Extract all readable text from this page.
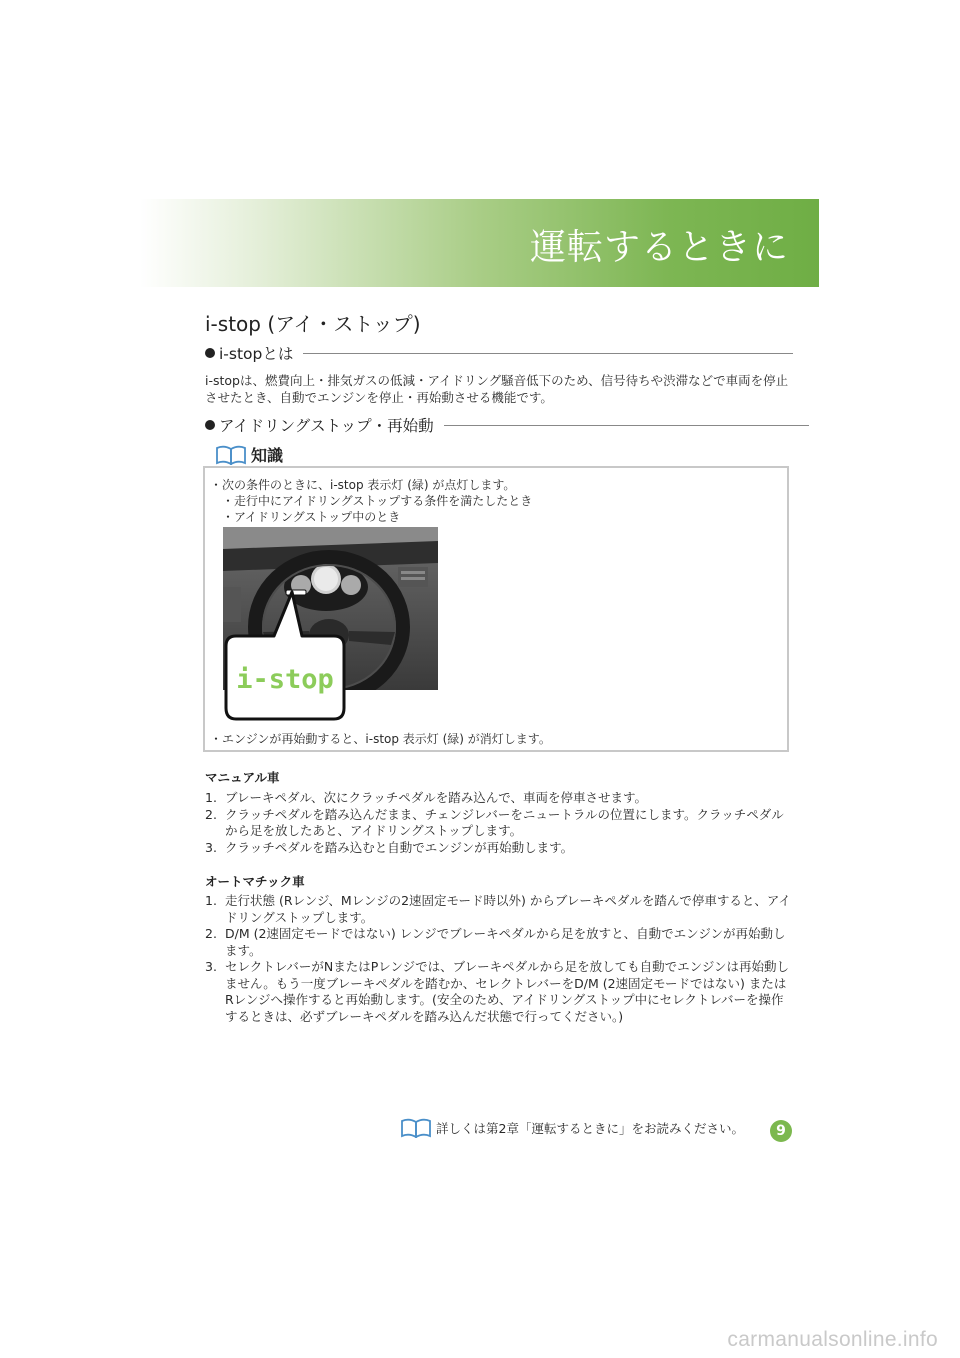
運転するときに
i-stop (アイ・ストップ)
i-stopとは
i-stopは、燃費向上・排気ガスの低減・アイドリング騒音低下のため、信号待ちや渋滞などで車両を停止
させたとき、自動でエンジンを停止・再始動させる機能です。
アイドリングストップ・再始動
知識
・次の条件のときに、i-stop 表示灯 (緑) が点灯します。
・走行中にアイドリングストップする条件を満たしたとき
・アイドリングストップ中のとき
i-stop
・エンジンが再始動すると、i-stop 表示灯 (緑) が消灯します。
マニュアル車
1. ブレーキペダル、次にクラッチペダルを踏み込んで、車両を停車させます。
2. クラッチペダルを踏み込んだまま、チェンジレバーをニュートラルの位置にします。クラッチペダルから足を放したあと、アイドリングストップします。
3. クラッチペダルを踏み込むと自動でエンジンが再始動します。
オートマチック車
1. 走行状態 (Rレンジ、Mレンジの2速固定モード時以外) からブレーキペダルを踏んで停車すると、アイドリングストップします。
2. D/M (2速固定モードではない) レンジでブレーキペダルから足を放すと、自動でエンジンが再始動します。
3. セレクトレバーがNまたはPレンジでは、ブレーキペダルから足を放しても自動でエンジンは再始動しません。もう一度ブレーキペダルを踏むか、セレクトレバーをD/M (2速固定モードではない) またはRレンジへ操作すると再始動します。(安全のため、アイドリングストップ中にセレクトレバーを操作するときは、必ずブレーキペダルを踏み込んだ状態で行ってください。)
詳しくは第2章「運転するときに」をお読みください。	9
carmanualsonline.info
